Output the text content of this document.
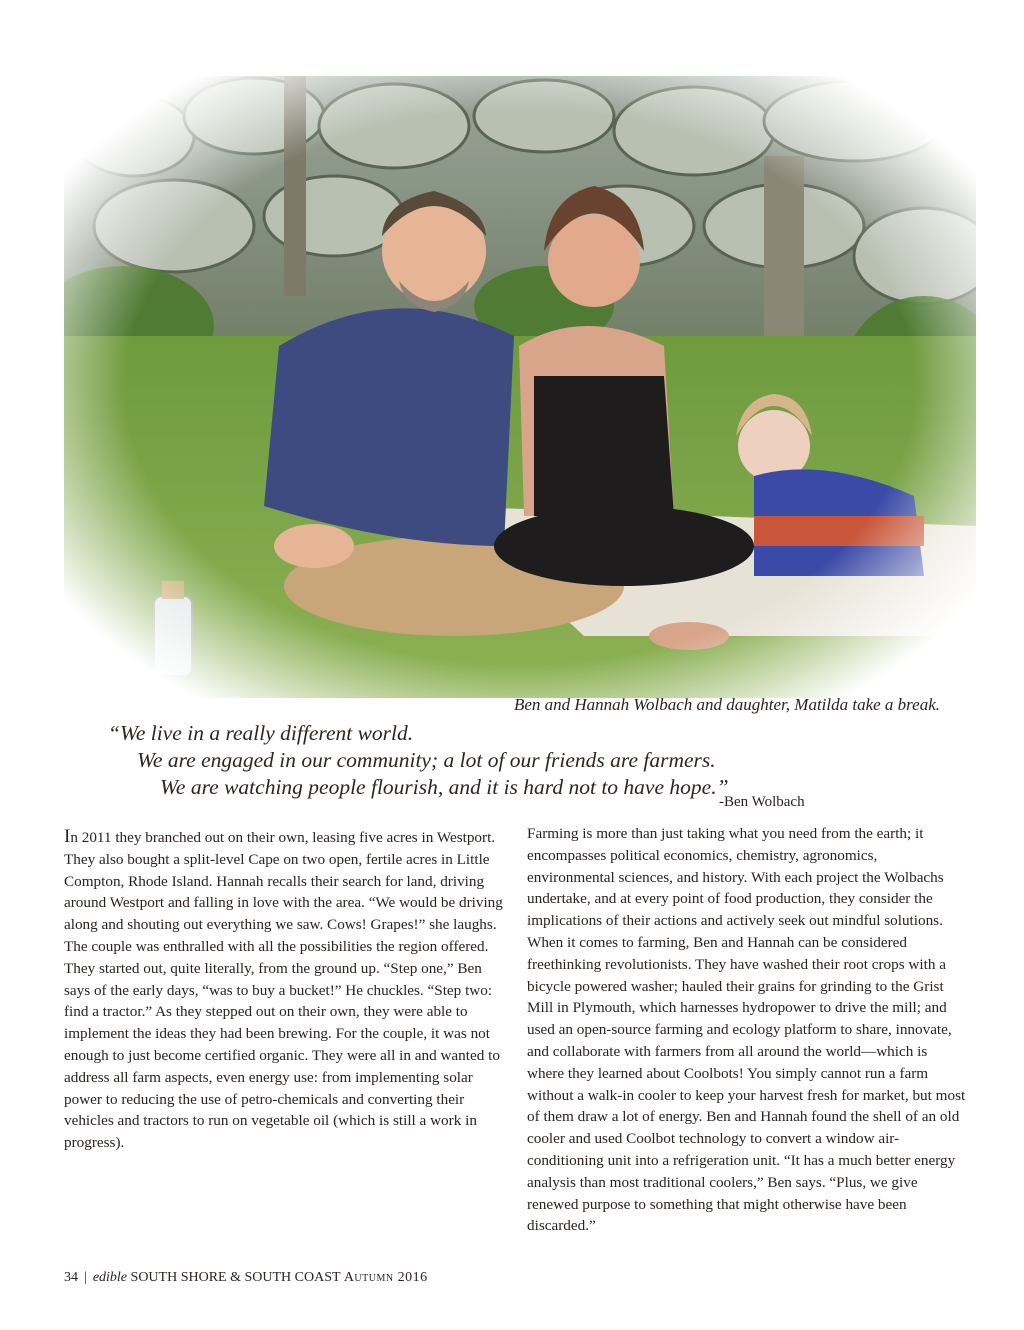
Ben and Hannah Wolbach and daughter, Matilda take a break.

“We live in a really different world.
We are engaged in our community; a lot of our friends are farmers.
We are watching people flourish, and it is hard not to have hope.”

-Ben Wolbach

In 2011 they branched out on their own, leasing five acres in Westport. They also bought a split-level Cape on two open, fertile acres in Little Compton, Rhode Island. Hannah recalls their search for land, driving around Westport and falling in love with the area. “We would be driving along and shouting out everything we saw. Cows! Grapes!” she laughs. The couple was enthralled with all the possibilities the region offered. They started out, quite literally, from the ground up. “Step one,” Ben says of the early days, “was to buy a bucket!” He chuckles. “Step two: find a tractor.” As they stepped out on their own, they were able to implement the ideas they had been brewing. For the couple, it was not enough to just become certified organic. They were all in and wanted to address all farm aspects, even energy use: from implementing solar power to reducing the use of petro-chemicals and converting their vehicles and tractors to run on vegetable oil (which is still a work in progress).

Farming is more than just taking what you need from the earth; it encompasses political economics, chemistry, agronomics, environmental sciences, and history. With each project the Wolbachs undertake, and at every point of food production, they consider the implications of their actions and actively seek out mindful solutions. When it comes to farming, Ben and Hannah can be considered freethinking revolutionists. They have washed their root crops with a bicycle powered washer; hauled their grains for grinding to the Grist Mill in Plymouth, which harnesses hydropower to drive the mill; and used an open-source farming and ecology platform to share, innovate, and collaborate with farmers from all around the world—which is where they learned about Coolbots! You simply cannot run a farm without a walk-in cooler to keep your harvest fresh for market, but most of them draw a lot of energy. Ben and Hannah found the shell of an old cooler and used Coolbot technology to convert a window air-conditioning unit into a refrigeration unit. “It has a much better energy analysis than most traditional coolers,” Ben says. “Plus, we give renewed purpose to something that might otherwise have been discarded.”

34 | edible SOUTH SHORE & SOUTH COAST Autumn 2016
